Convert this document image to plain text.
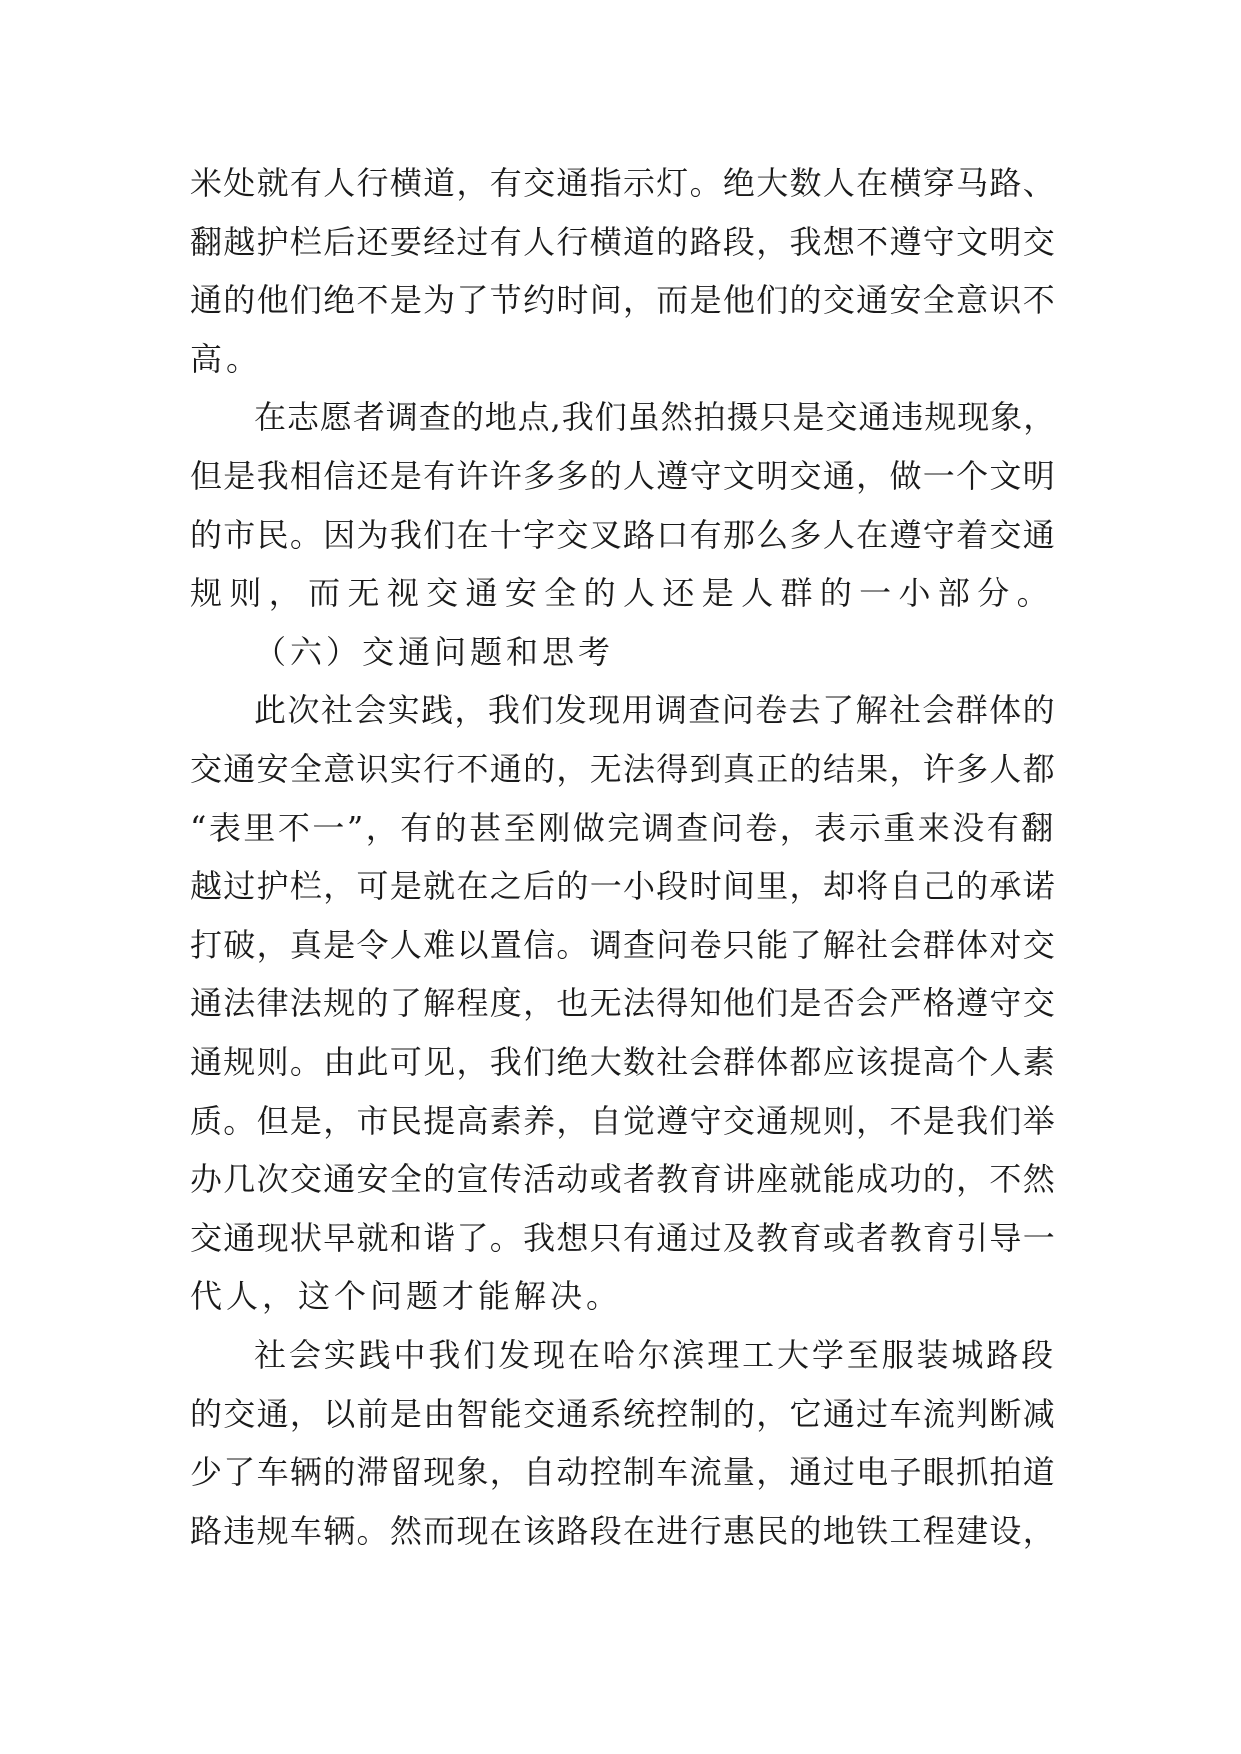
米处就有人行横道，有交通指示灯。绝大数人在横穿马路、
翻越护栏后还要经过有人行横道的路段，我想不遵守文明交
通的他们绝不是为了节约时间，而是他们的交通安全意识不
高。
在志愿者调查的地点,我们虽然拍摄只是交通违规现象，
但是我相信还是有许许多多的人遵守文明交通，做一个文明
的市民。因为我们在十字交叉路口有那么多人在遵守着交通
规则，而无视交通安全的人还是人群的一小部分。
（六）交通问题和思考
此次社会实践，我们发现用调查问卷去了解社会群体的
交通安全意识实行不通的，无法得到真正的结果，许多人都
“表里不一”，有的甚至刚做完调查问卷，表示重来没有翻
越过护栏，可是就在之后的一小段时间里，却将自己的承诺
打破，真是令人难以置信。调查问卷只能了解社会群体对交
通法律法规的了解程度，也无法得知他们是否会严格遵守交
通规则。由此可见，我们绝大数社会群体都应该提高个人素
质。但是，市民提高素养，自觉遵守交通规则，不是我们举
办几次交通安全的宣传活动或者教育讲座就能成功的，不然
交通现状早就和谐了。我想只有通过及教育或者教育引导一
代人，这个问题才能解决。
社会实践中我们发现在哈尔滨理工大学至服装城路段
的交通，以前是由智能交通系统控制的，它通过车流判断减
少了车辆的滞留现象，自动控制车流量，通过电子眼抓拍道
路违规车辆。然而现在该路段在进行惠民的地铁工程建设，
